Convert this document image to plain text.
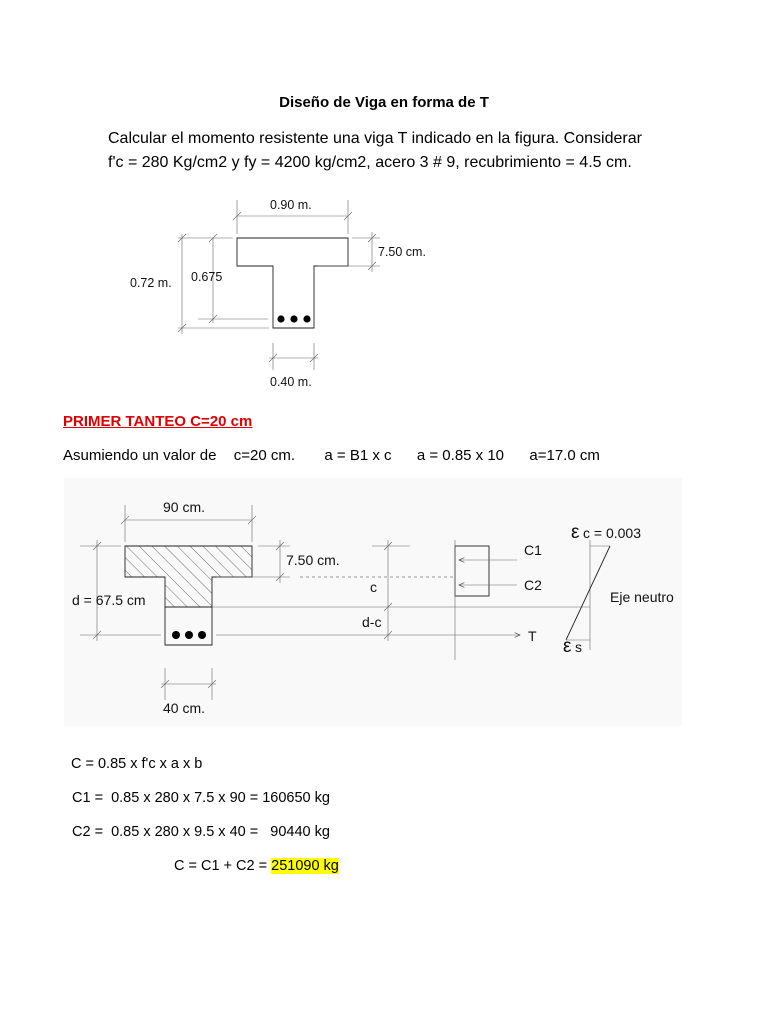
Diseño de Viga en forma de T
Calcular el momento resistente una viga T indicado en la figura. Considerar
f'c = 280 Kg/cm2 y fy = 4200 kg/cm2, acero 3 # 9, recubrimiento = 4.5 cm.
0.90 m.
7.50 cm.
0.72 m. 0.675
0.40 m.
PRIMER TANTEO C=20 cm
Asumiendo un valor de c=20 cm. a = В1 x c a = 0.85 x 10 a=17.0 cm
90 cm.
7.50 cm.
d = 67.5 cm
c
d-c
C1
C2
T
ε c = 0.003
Eje neutro
ε s
40 cm.
C = 0.85 x f'c x a x b
C1 =  0.85 x 280 x 7.5 x 90 = 160650 kg
C2 =  0.85 x 280 x 9.5 x 40 =   90440 kg
C = C1 + C2 = 251090 kg
